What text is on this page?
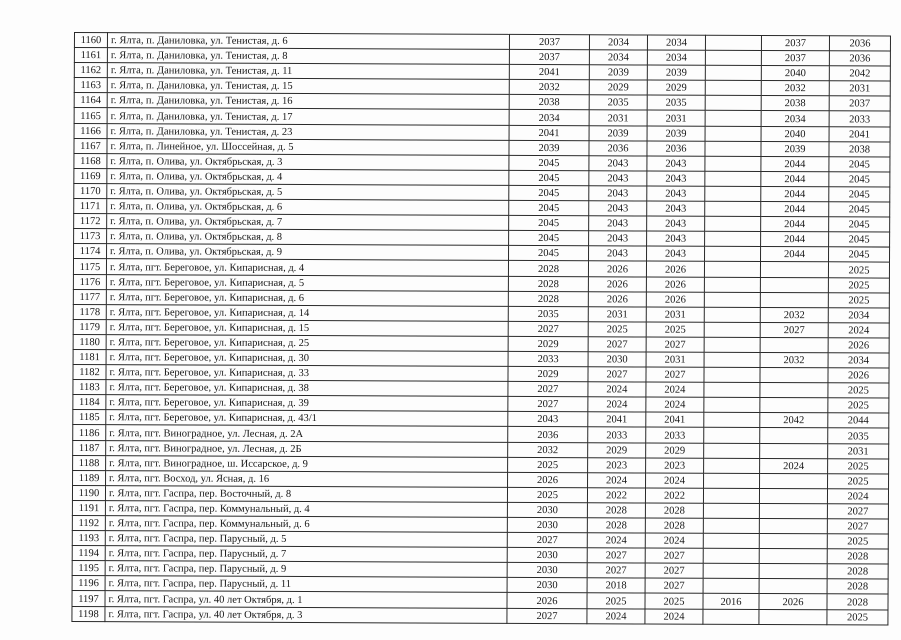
1160	г. Ялта, п. Даниловка, ул. Тенистая, д. 6	2037	2034	2034		2037	2036
1161	г. Ялта, п. Даниловка, ул. Тенистая, д. 8	2037	2034	2034		2037	2036
1162	г. Ялта, п. Даниловка, ул. Тенистая, д. 11	2041	2039	2039		2040	2042
1163	г. Ялта, п. Даниловка, ул. Тенистая, д. 15	2032	2029	2029		2032	2031
1164	г. Ялта, п. Даниловка, ул. Тенистая, д. 16	2038	2035	2035		2038	2037
1165	г. Ялта, п. Даниловка, ул. Тенистая, д. 17	2034	2031	2031		2034	2033
1166	г. Ялта, п. Даниловка, ул. Тенистая, д. 23	2041	2039	2039		2040	2041
1167	г. Ялта, п. Линейное, ул. Шоссейная, д. 5	2039	2036	2036		2039	2038
1168	г. Ялта, п. Олива, ул. Октябрьская, д. 3	2045	2043	2043		2044	2045
1169	г. Ялта, п. Олива, ул. Октябрьская, д. 4	2045	2043	2043		2044	2045
1170	г. Ялта, п. Олива, ул. Октябрьская, д. 5	2045	2043	2043		2044	2045
1171	г. Ялта, п. Олива, ул. Октябрьская, д. 6	2045	2043	2043		2044	2045
1172	г. Ялта, п. Олива, ул. Октябрьская, д. 7	2045	2043	2043		2044	2045
1173	г. Ялта, п. Олива, ул. Октябрьская, д. 8	2045	2043	2043		2044	2045
1174	г. Ялта, п. Олива, ул. Октябрьская, д. 9	2045	2043	2043		2044	2045
1175	г. Ялта, пгт. Береговое, ул. Кипарисная, д. 4	2028	2026	2026			2025
1176	г. Ялта, пгт. Береговое, ул. Кипарисная, д. 5	2028	2026	2026			2025
1177	г. Ялта, пгт. Береговое, ул. Кипарисная, д. 6	2028	2026	2026			2025
1178	г. Ялта, пгт. Береговое, ул. Кипарисная, д. 14	2035	2031	2031		2032	2034
1179	г. Ялта, пгт. Береговое, ул. Кипарисная, д. 15	2027	2025	2025		2027	2024
1180	г. Ялта, пгт. Береговое, ул. Кипарисная, д. 25	2029	2027	2027			2026
1181	г. Ялта, пгт. Береговое, ул. Кипарисная, д. 30	2033	2030	2031		2032	2034
1182	г. Ялта, пгт. Береговое, ул. Кипарисная, д. 33	2029	2027	2027			2026
1183	г. Ялта, пгт. Береговое, ул. Кипарисная, д. 38	2027	2024	2024			2025
1184	г. Ялта, пгт. Береговое, ул. Кипарисная, д. 39	2027	2024	2024			2025
1185	г. Ялта, пгт. Береговое, ул. Кипарисная, д. 43/1	2043	2041	2041		2042	2044
1186	г. Ялта, пгт. Виноградное, ул. Лесная, д. 2А	2036	2033	2033			2035
1187	г. Ялта, пгт. Виноградное, ул. Лесная, д. 2Б	2032	2029	2029			2031
1188	г. Ялта, пгт. Виноградное, ш. Иссарское, д. 9	2025	2023	2023		2024	2025
1189	г. Ялта, пгт. Восход, ул. Ясная, д. 16	2026	2024	2024			2025
1190	г. Ялта, пгт. Гаспра, пер. Восточный, д. 8	2025	2022	2022			2024
1191	г. Ялта, пгт. Гаспра, пер. Коммунальный, д. 4	2030	2028	2028			2027
1192	г. Ялта, пгт. Гаспра, пер. Коммунальный, д. 6	2030	2028	2028			2027
1193	г. Ялта, пгт. Гаспра, пер. Парусный, д. 5	2027	2024	2024			2025
1194	г. Ялта, пгт. Гаспра, пер. Парусный, д. 7	2030	2027	2027			2028
1195	г. Ялта, пгт. Гаспра, пер. Парусный, д. 9	2030	2027	2027			2028
1196	г. Ялта, пгт. Гаспра, пер. Парусный, д. 11	2030	2018	2027			2028
1197	г. Ялта, пгт. Гаспра, ул. 40 лет Октября, д. 1	2026	2025	2025	2016	2026	2028
1198	г. Ялта, пгт. Гаспра, ул. 40 лет Октября, д. 3	2027	2024	2024			2025
